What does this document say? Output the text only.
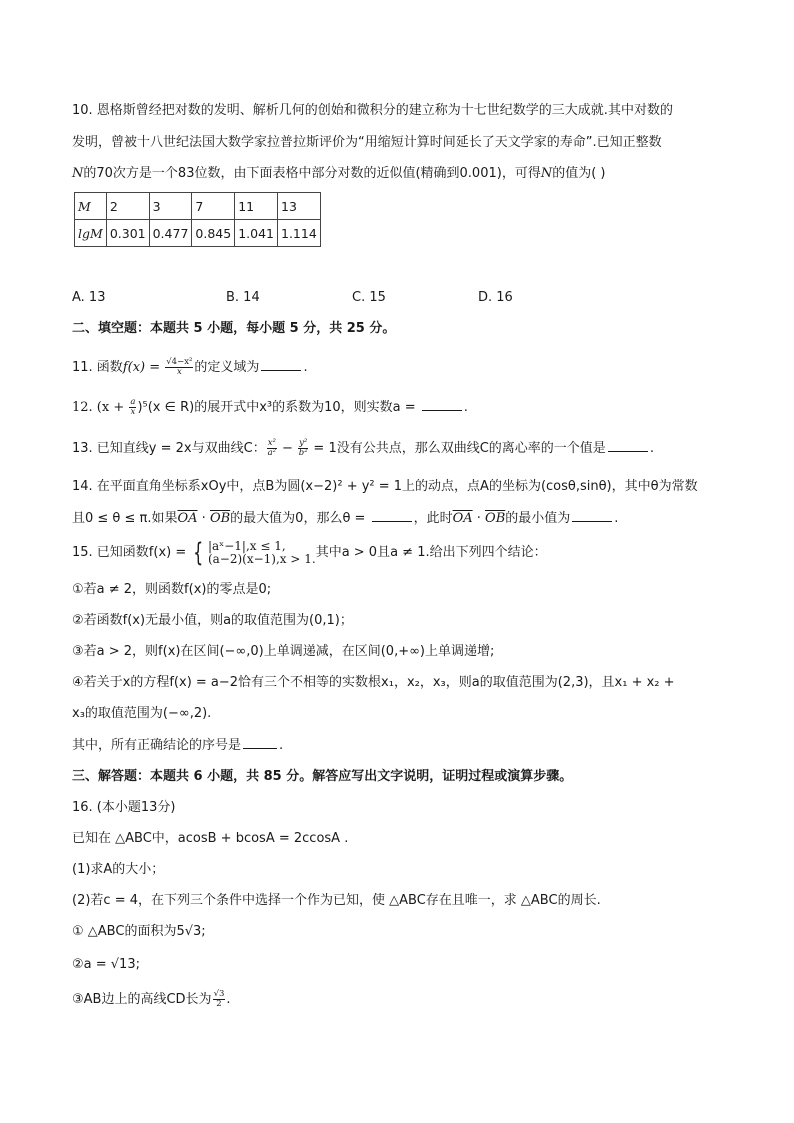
10. 恩格斯曾经把对数的发明、解析几何的创始和微积分的建立称为十七世纪数学的三大成就.其中对数的
发明，曾被十八世纪法国大数学家拉普拉斯评价为“用缩短计算时间延长了天文学家的寿命”.已知正整数
N的70次方是一个83位数，由下面表格中部分对数的近似值(精确到0.001)，可得N的值为( )
M	2	3	7	11	13
lgM	0.301	0.477	0.845	1.041	1.114
A. 13	B. 14	C. 15	D. 16
二、填空题：本题共 5 小题，每小题 5 分，共 25 分。
11. 函数$f(x) = \frac{\text{√4−x²}}{x}$ 的定义域为	.
12. $(x + \frac{a}{x} )^5(x$ ∈ R)的展开式中x³的系数为10，则实数a =	.
13. 已知直线y = 2x与双曲线C： $\frac{\text{x²}}{\text{a²}} - \frac{\text{y²}}{\text{b²}} = 1$没有公共点，那么双曲线C的离心率的一个值是	.
14. 在平面直角坐标系xOy中，点B为圆(x−2)² + y² = 1上的动点，点A的坐标为(cosθ,sinθ)，其中θ为常数
且0 ≤ θ ≤ π.如果$\overline{OA} \cdot \overline{OB}$的最大值为0，那么θ =	，此时$\overline{OA} \cdot \overline{OB}$的最小值为	.
15. 已知函数f(x) = { |aˣ−1|,x ≤ 1,
(a−2)(x−1),x > 1. 其中a > 0且a ≠ 1.给出下列四个结论：
①若a ≠ 2，则函数f(x)的零点是0;
②若函数f(x)无最小值，则a的取值范围为(0,1)；
③若a > 2，则f(x)在区间(−∞,0)上单调递减，在区间(0,+∞)上单调递增;
④若关于x的方程f(x) = a−2恰有三个不相等的实数根x₁，x₂，x₃，则a的取值范围为(2,3)，且x₁ + x₂ +
x₃的取值范围为(−∞,2).
其中，所有正确结论的序号是	.
三、解答题：本题共 6 小题，共 85 分。解答应写出文字说明，证明过程或演算步骤。
16. (本小题13分)
已知在 △ABC中，acosB + bcosA = 2ccosA .
(1)求A的大小；
(2)若c = 4，在下列三个条件中选择一个作为已知，使 △ABC存在且唯一，求 △ABC的周长.
① △ABC的面积为5√3;
②a = √13;
③AB边上的高线CD长为 $\frac{√3}{2}$ .
